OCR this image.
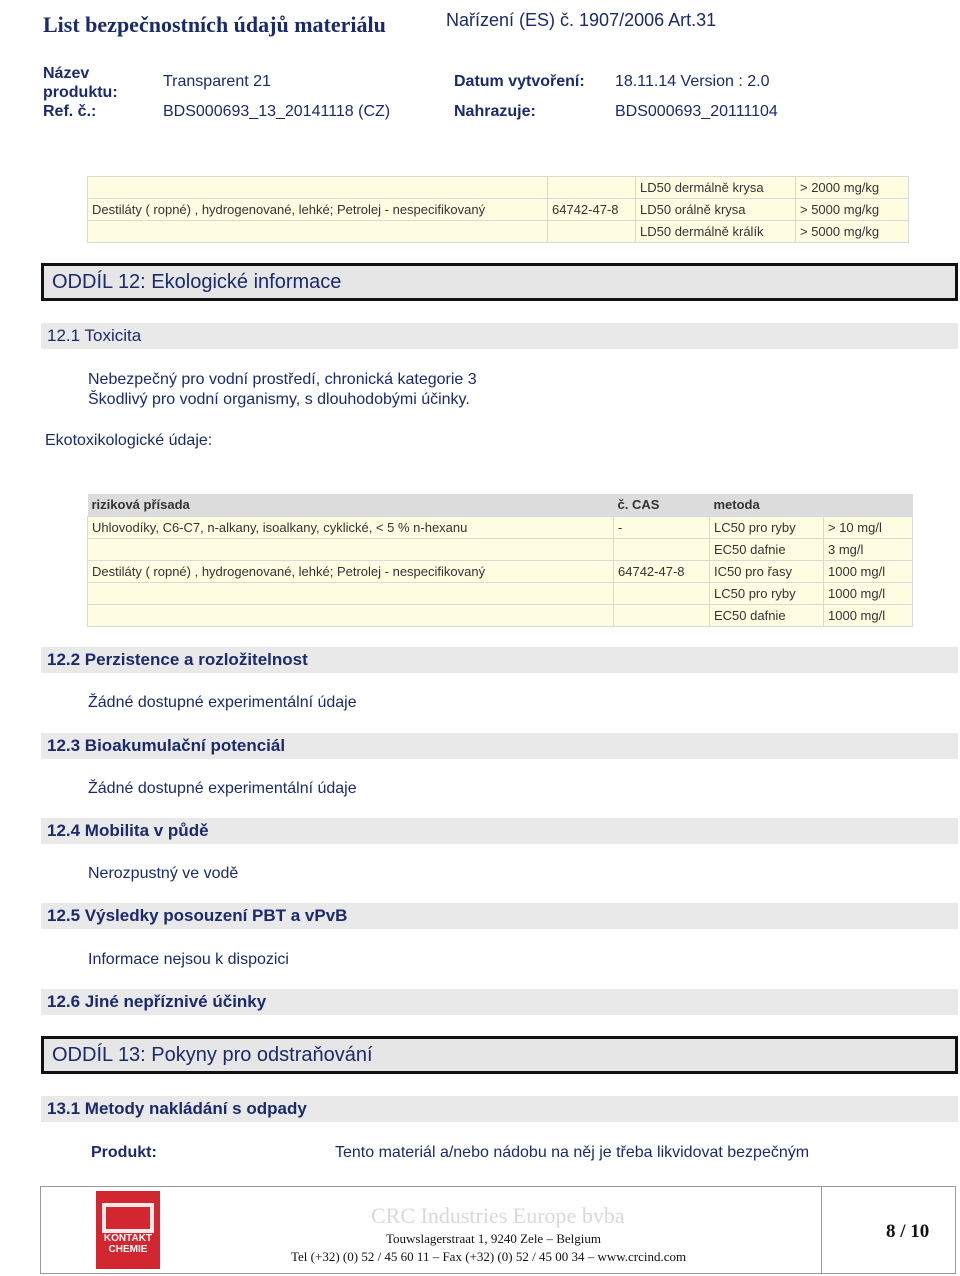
List bezpečnostních údajů materiálu	Nařízení (ES) č. 1907/2006 Art.31
Název
produktu:
Transparent 21	Datum vytvoření: 18.11.14 Version : 2.0
Ref. č.:	BDS000693_13_20141118 (CZ)	Nahrazuje:	BDS000693_20111104
		LD50 dermálně krysa	> 2000 mg/kg
Destiláty ( ropné) , hydrogenované, lehké; Petrolej - nespecifikovaný	64742-47-8	LD50 orálně krysa	> 5000 mg/kg
		LD50 dermálně králík	> 5000 mg/kg
ODDÍL 12: Ekologické informace
12.1 Toxicita
Nebezpečný pro vodní prostředí, chronická kategorie 3
Škodlivý pro vodní organismy, s dlouhodobými účinky.
Ekotoxikologické údaje:
riziková přísada	č. CAS	metoda	
Uhlovodíky, C6-C7, n-alkany, isoalkany, cyklické, < 5 % n-hexanu	-	LC50 pro ryby	> 10 mg/l
		EC50 dafnie	3 mg/l
Destiláty ( ropné) , hydrogenované, lehké; Petrolej - nespecifikovaný	64742-47-8	IC50 pro řasy	1000 mg/l
		LC50 pro ryby	1000 mg/l
		EC50 dafnie	1000 mg/l
12.2 Perzistence a rozložitelnost
Žádné dostupné experimentální údaje
12.3 Bioakumulační potenciál
Žádné dostupné experimentální údaje
12.4 Mobilita v půdě
Nerozpustný ve vodě
12.5 Výsledky posouzení PBT a vPvB
Informace nejsou k dispozici
12.6 Jiné nepříznivé účinky
ODDÍL 13: Pokyny pro odstraňování
13.1 Metody nakládání s odpady
Produkt:	Tento materiál a/nebo nádobu na něj je třeba likvidovat bezpečným
KONTAKT
CHEMIE
CRC Industries Europe bvba
Touwslagerstraat 1, 9240 Zele – Belgium
Tel (+32) (0) 52 / 45 60 11 – Fax (+32) (0) 52 / 45 00 34 – www.crcind.com
8 / 10
